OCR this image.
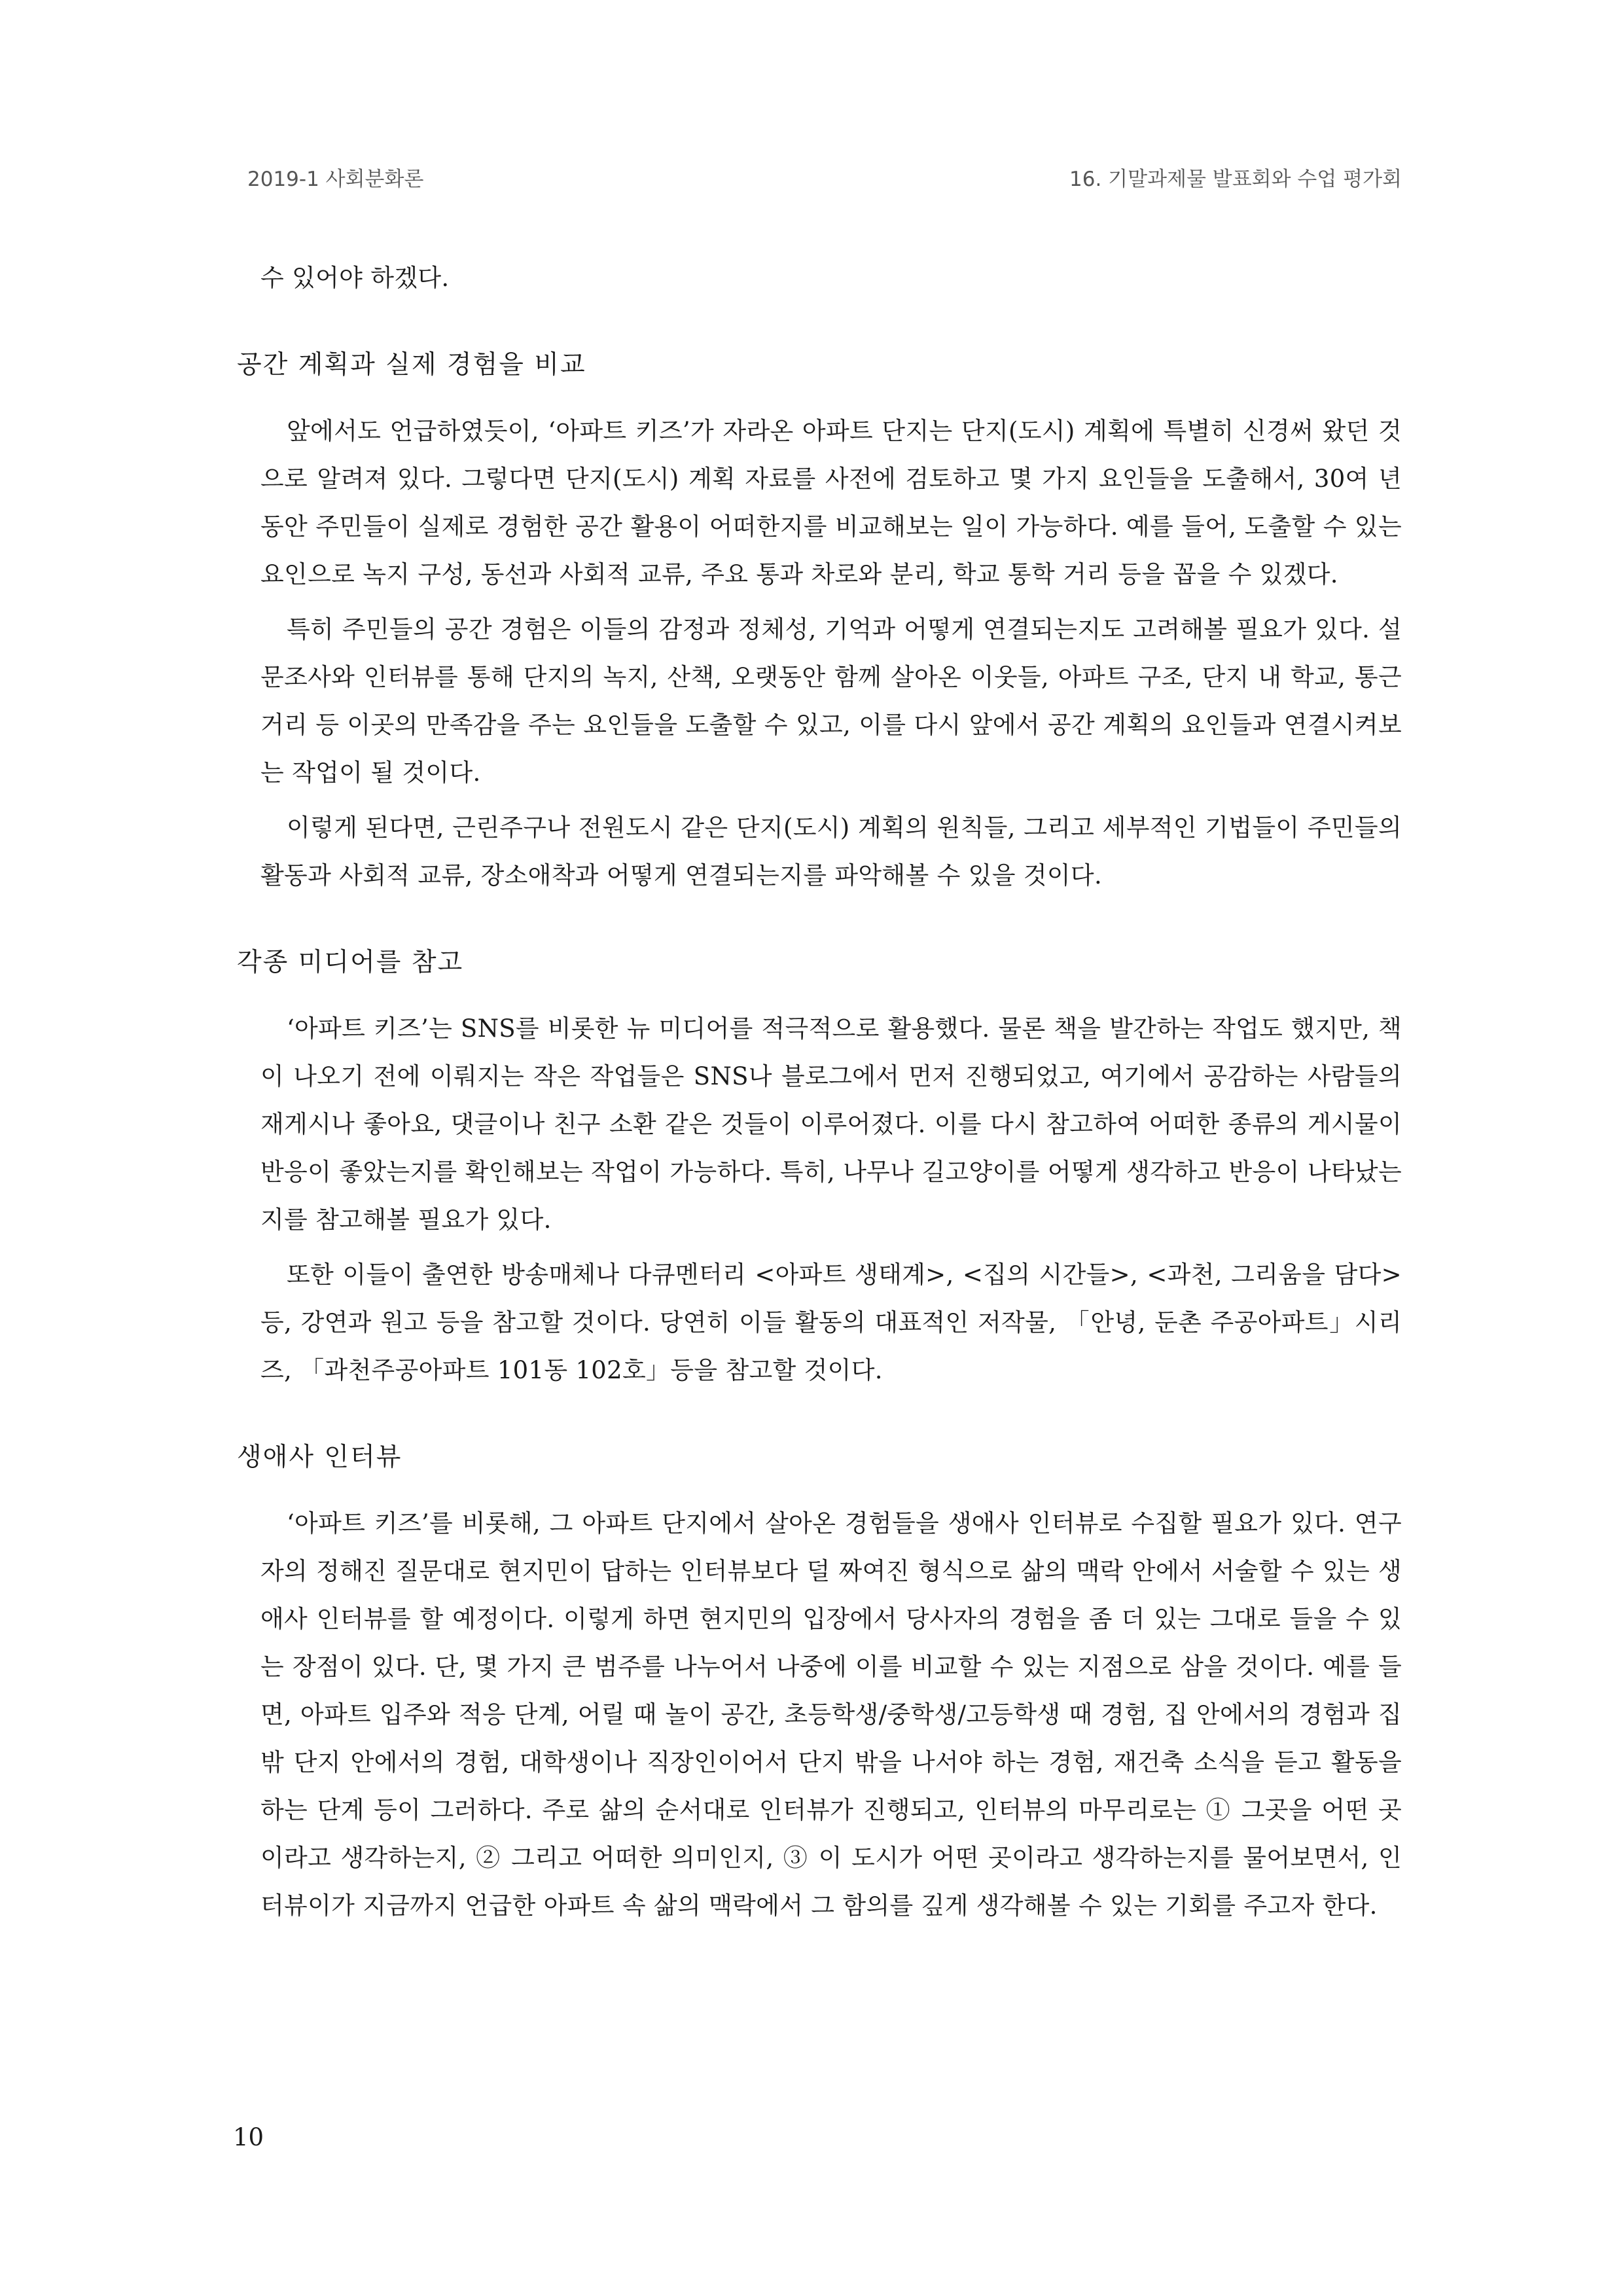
2019-1 사회분화론	16. 기말과제물 발표회와 수업 평가회

수 있어야 하겠다.

공간 계획과 실제 경험을 비교

앞에서도 언급하였듯이, ‘아파트 키즈’가 자라온 아파트 단지는 단지(도시) 계획에 특별히 신경써 왔던 것으로 알려져 있다. 그렇다면 단지(도시) 계획 자료를 사전에 검토하고 몇 가지 요인들을 도출해서, 30여 년 동안 주민들이 실제로 경험한 공간 활용이 어떠한지를 비교해보는 일이 가능하다. 예를 들어, 도출할 수 있는 요인으로 녹지 구성, 동선과 사회적 교류, 주요 통과 차로와 분리, 학교 통학 거리 등을 꼽을 수 있겠다.

특히 주민들의 공간 경험은 이들의 감정과 정체성, 기억과 어떻게 연결되는지도 고려해볼 필요가 있다. 설문조사와 인터뷰를 통해 단지의 녹지, 산책, 오랫동안 함께 살아온 이웃들, 아파트 구조, 단지 내 학교, 통근 거리 등 이곳의 만족감을 주는 요인들을 도출할 수 있고, 이를 다시 앞에서 공간 계획의 요인들과 연결시켜보는 작업이 될 것이다.

이렇게 된다면, 근린주구나 전원도시 같은 단지(도시) 계획의 원칙들, 그리고 세부적인 기법들이 주민들의 활동과 사회적 교류, 장소애착과 어떻게 연결되는지를 파악해볼 수 있을 것이다.

각종 미디어를 참고

‘아파트 키즈’는 SNS를 비롯한 뉴 미디어를 적극적으로 활용했다. 물론 책을 발간하는 작업도 했지만, 책이 나오기 전에 이뤄지는 작은 작업들은 SNS나 블로그에서 먼저 진행되었고, 여기에서 공감하는 사람들의 재게시나 좋아요, 댓글이나 친구 소환 같은 것들이 이루어졌다. 이를 다시 참고하여 어떠한 종류의 게시물이 반응이 좋았는지를 확인해보는 작업이 가능하다. 특히, 나무나 길고양이를 어떻게 생각하고 반응이 나타났는지를 참고해볼 필요가 있다.

또한 이들이 출연한 방송매체나 다큐멘터리 <아파트 생태계>, <집의 시간들>, <과천, 그리움을 담다> 등, 강연과 원고 등을 참고할 것이다. 당연히 이들 활동의 대표적인 저작물, 「안녕, 둔촌 주공아파트」시리즈, 「과천주공아파트 101동 102호」등을 참고할 것이다.

생애사 인터뷰

‘아파트 키즈’를 비롯해, 그 아파트 단지에서 살아온 경험들을 생애사 인터뷰로 수집할 필요가 있다. 연구자의 정해진 질문대로 현지민이 답하는 인터뷰보다 덜 짜여진 형식으로 삶의 맥락 안에서 서술할 수 있는 생애사 인터뷰를 할 예정이다. 이렇게 하면 현지민의 입장에서 당사자의 경험을 좀 더 있는 그대로 들을 수 있는 장점이 있다. 단, 몇 가지 큰 범주를 나누어서 나중에 이를 비교할 수 있는 지점으로 삼을 것이다. 예를 들면, 아파트 입주와 적응 단계, 어릴 때 놀이 공간, 초등학생/중학생/고등학생 때 경험, 집 안에서의 경험과 집 밖 단지 안에서의 경험, 대학생이나 직장인이어서 단지 밖을 나서야 하는 경험, 재건축 소식을 듣고 활동을 하는 단계 등이 그러하다. 주로 삶의 순서대로 인터뷰가 진행되고, 인터뷰의 마무리로는 ① 그곳을 어떤 곳이라고 생각하는지, ② 그리고 어떠한 의미인지, ③ 이 도시가 어떤 곳이라고 생각하는지를 물어보면서, 인터뷰이가 지금까지 언급한 아파트 속 삶의 맥락에서 그 함의를 깊게 생각해볼 수 있는 기회를 주고자 한다.

10
